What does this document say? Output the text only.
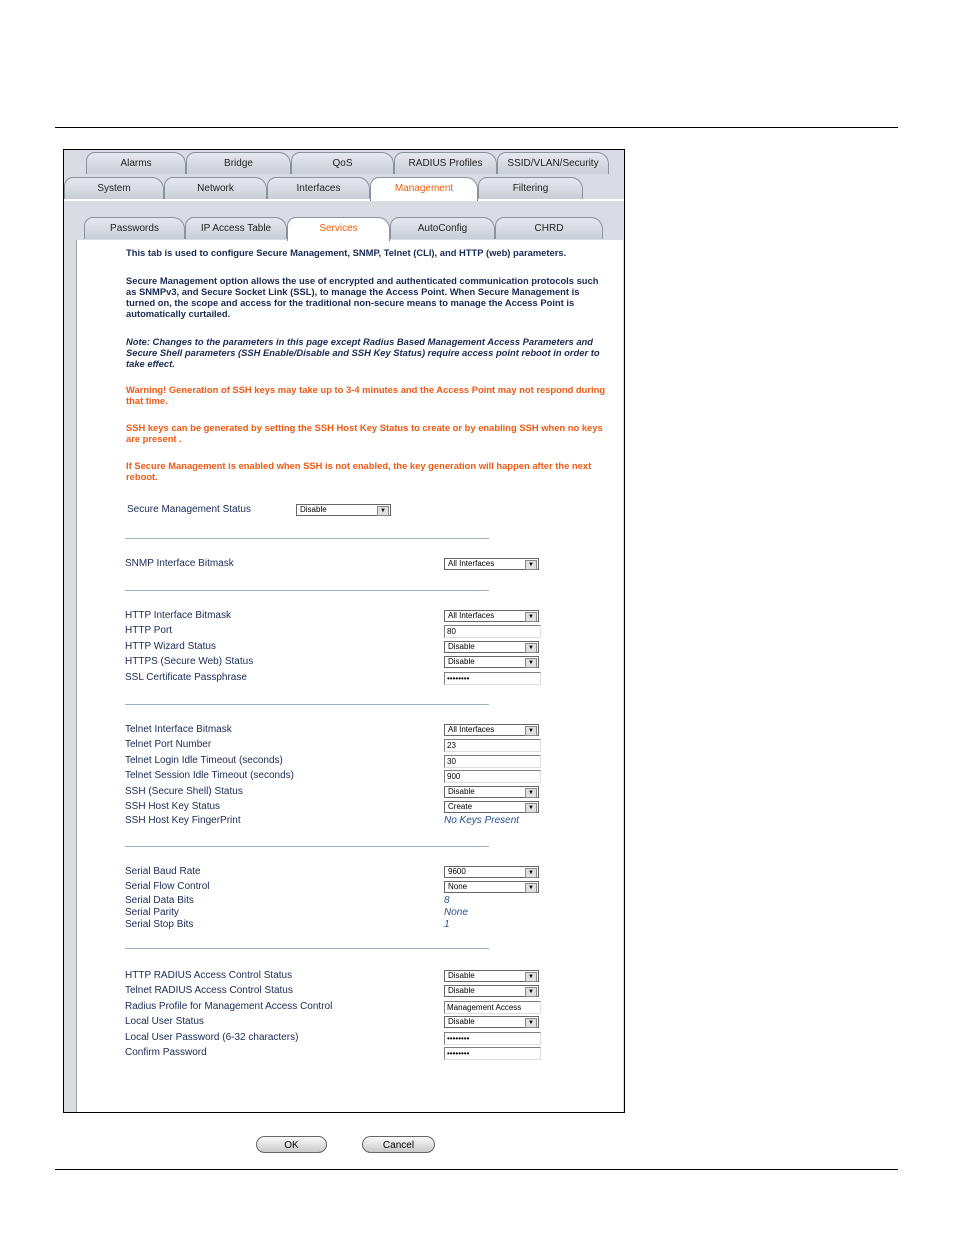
Alarms	Bridge	QoS	RADIUS Profiles	SSID/VLAN/Security
System	Network	Interfaces	Management	Filtering
Passwords	IP Access Table	Services	AutoConfig	CHRD

This tab is used to configure Secure Management, SNMP, Telnet (CLI), and HTTP (web) parameters.

Secure Management option allows the use of encrypted and authenticated communication protocols such as SNMPv3, and Secure Socket Link (SSL), to manage the Access Point. When Secure Management is turned on, the scope and access for the traditional non-secure means to manage the Access Point is automatically curtailed.

Note: Changes to the parameters in this page except Radius Based Management Access Parameters and Secure Shell parameters (SSH Enable/Disable and SSH Key Status) require access point reboot in order to take effect.

Warning! Generation of SSH keys may take up to 3-4 minutes and the Access Point may not respond during that time.

SSH keys can be generated by setting the SSH Host Key Status to create or by enabling SSH when no keys are present .

If Secure Management is enabled when SSH is not enabled, the key generation will happen after the next reboot.

Secure Management Status	Disable	▼
SNMP Interface Bitmask	All Interfaces	▼
HTTP Interface Bitmask	All Interfaces	▼
HTTP Port	80
HTTP Wizard Status	Disable	▼
HTTPS (Secure Web) Status	Disable	▼
SSL Certificate Passphrase	••••••••
Telnet Interface Bitmask	All Interfaces	▼
Telnet Port Number	23
Telnet Login Idle Timeout (seconds)	30
Telnet Session Idle Timeout (seconds)	900
SSH (Secure Shell) Status	Disable	▼
SSH Host Key Status	Create	▼
SSH Host Key FingerPrint	No Keys Present
Serial Baud Rate	9600	▼
Serial Flow Control	None	▼
Serial Data Bits	8
Serial Parity	None
Serial Stop Bits	1
HTTP RADIUS Access Control Status	Disable	▼
Telnet RADIUS Access Control Status	Disable	▼
Radius Profile for Management Access Control	Management Access
Local User Status	Disable	▼
Local User Password (6-32 characters)	••••••••
Confirm Password	••••••••
OK	Cancel
